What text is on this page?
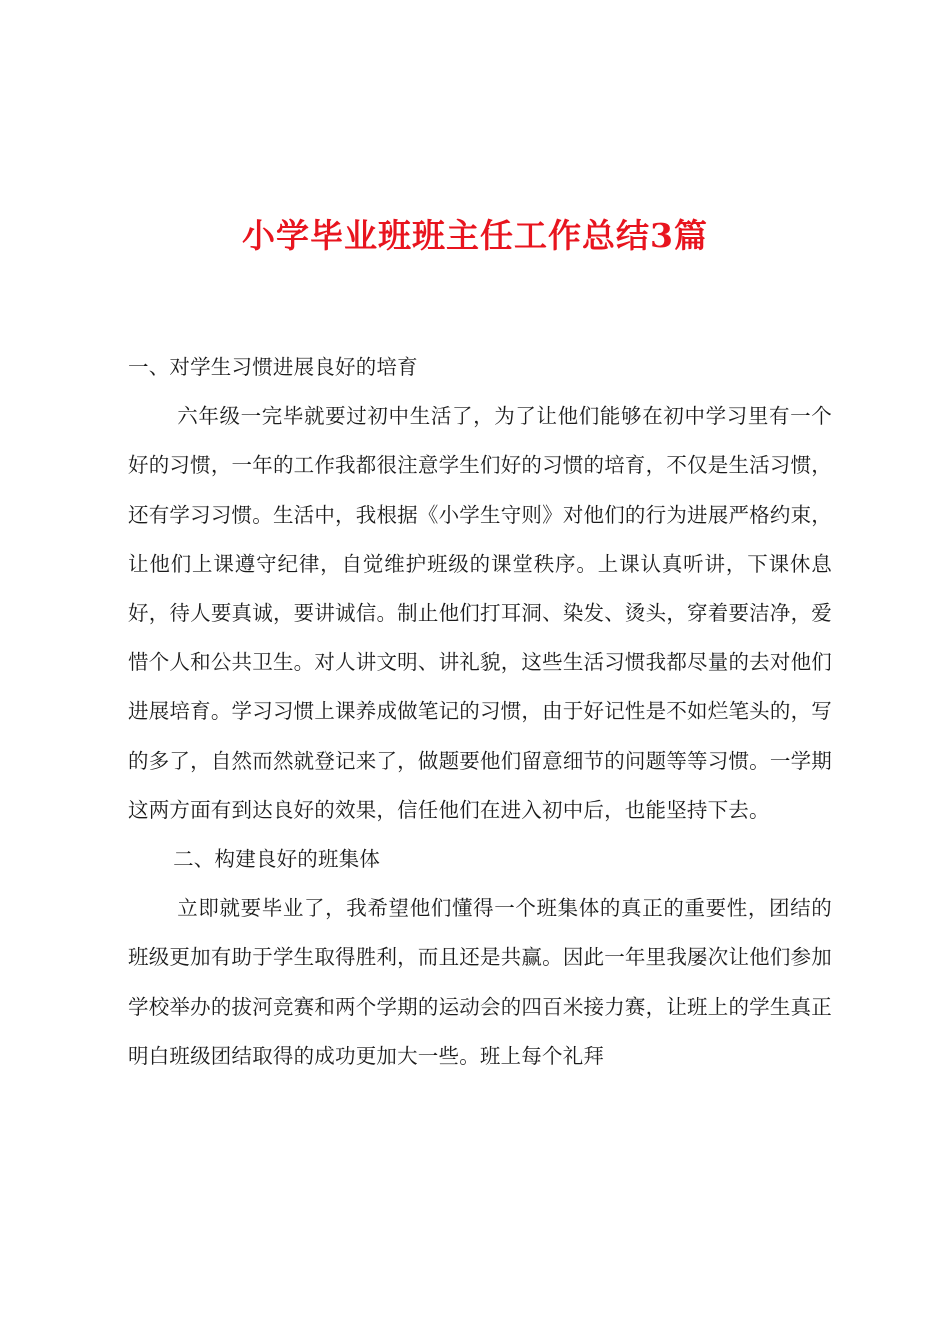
小学毕业班班主任工作总结3篇

一、对学生习惯进展良好的培育

六年级一完毕就要过初中生活了，为了让他们能够在初中学习里有一个好的习惯，一年的工作我都很注意学生们好的习惯的培育，不仅是生活习惯，还有学习习惯。生活中，我根据《小学生守则》对他们的行为进展严格约束，让他们上课遵守纪律，自觉维护班级的课堂秩序。上课认真听讲，下课休息好，待人要真诚，要讲诚信。制止他们打耳洞、染发、烫头，穿着要洁净，爱惜个人和公共卫生。对人讲文明、讲礼貌，这些生活习惯我都尽量的去对他们进展培育。学习习惯上课养成做笔记的习惯，由于好记性是不如烂笔头的，写的多了，自然而然就登记来了，做题要他们留意细节的问题等等习惯。一学期这两方面有到达良好的效果，信任他们在进入初中后，也能坚持下去。

二、构建良好的班集体

立即就要毕业了，我希望他们懂得一个班集体的真正的重要性，团结的班级更加有助于学生取得胜利，而且还是共赢。因此一年里我屡次让他们参加学校举办的拔河竞赛和两个学期的运动会的四百米接力赛，让班上的学生真正明白班级团结取得的成功更加大一些。班上每个礼拜
